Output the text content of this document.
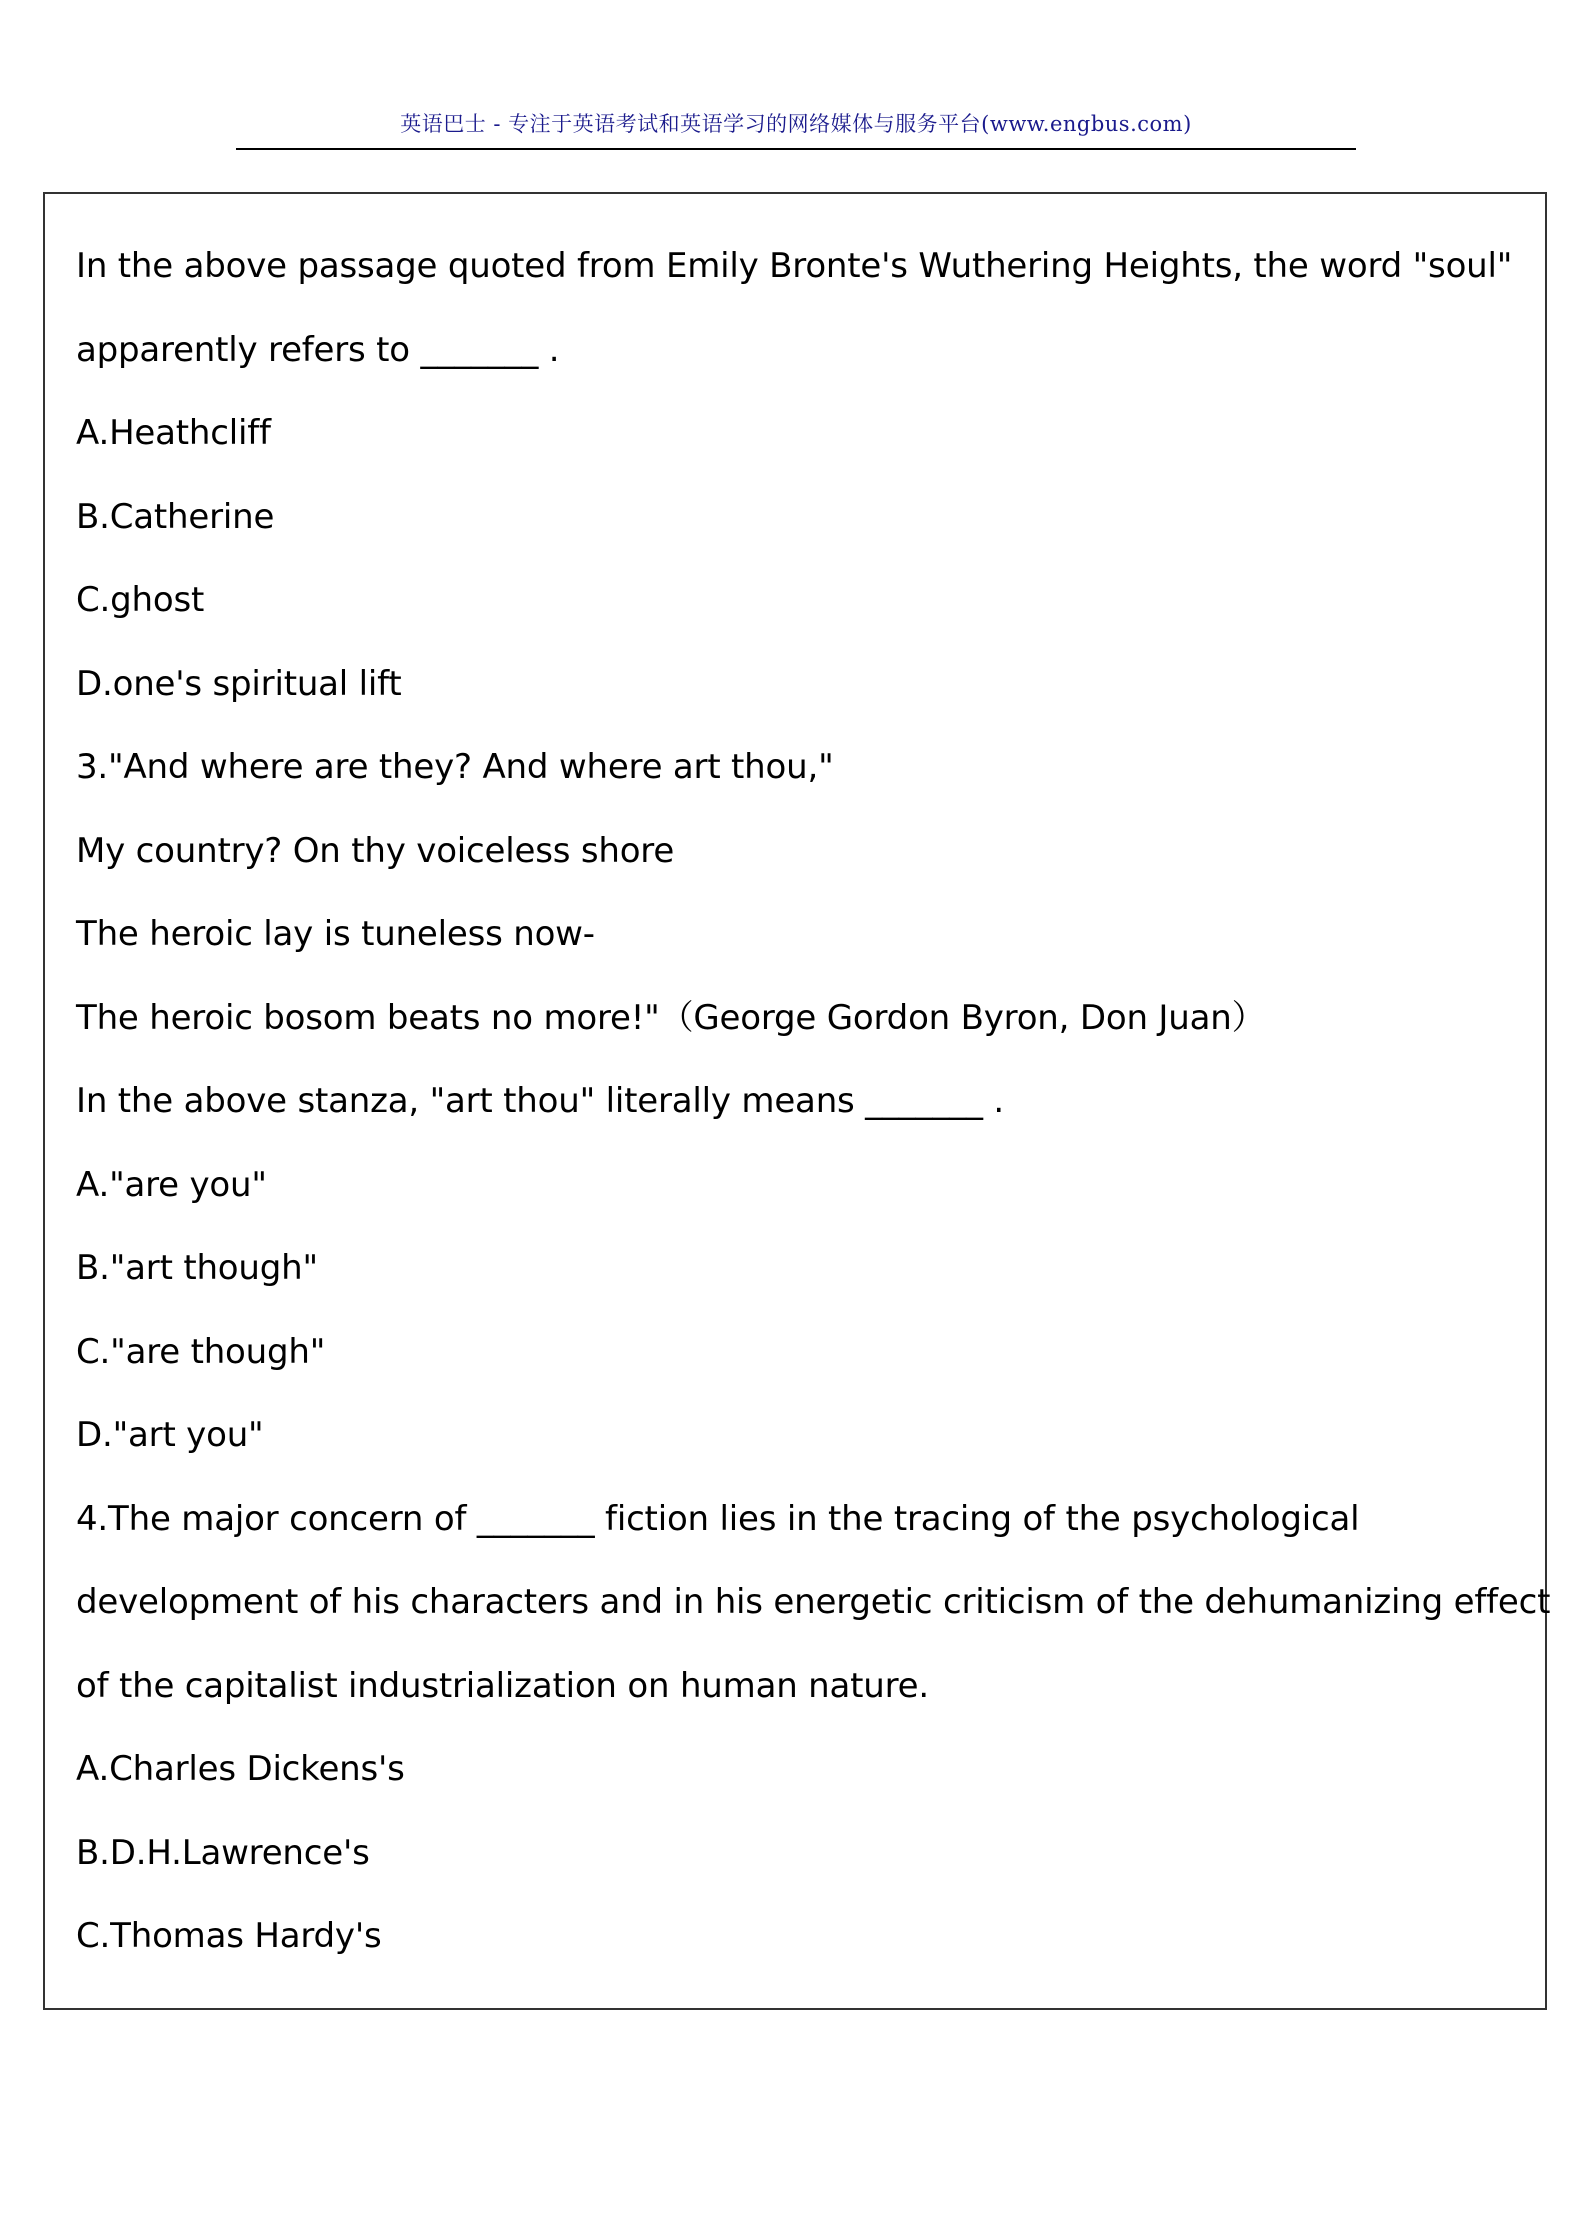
英语巴士 - 专注于英语考试和英语学习的网络媒体与服务平台(www.engbus.com)
In the above passage quoted from Emily Bronte's Wuthering Heights, the word "soul"
apparently refers to _______ .
A.Heathcliff
B.Catherine
C.ghost
D.one's spiritual lift
3."And where are they? And where art thou,"
My country? On thy voiceless shore
The heroic lay is tuneless now-
The heroic bosom beats no more!"（George Gordon Byron, Don Juan）
In the above stanza, "art thou" literally means _______ .
A."are you"
B."art though"
C."are though"
D."art you"
4.The major concern of _______ fiction lies in the tracing of the psychological
development of his characters and in his energetic criticism of the dehumanizing effect
of the capitalist industrialization on human nature.
A.Charles Dickens's
B.D.H.Lawrence's
C.Thomas Hardy's
